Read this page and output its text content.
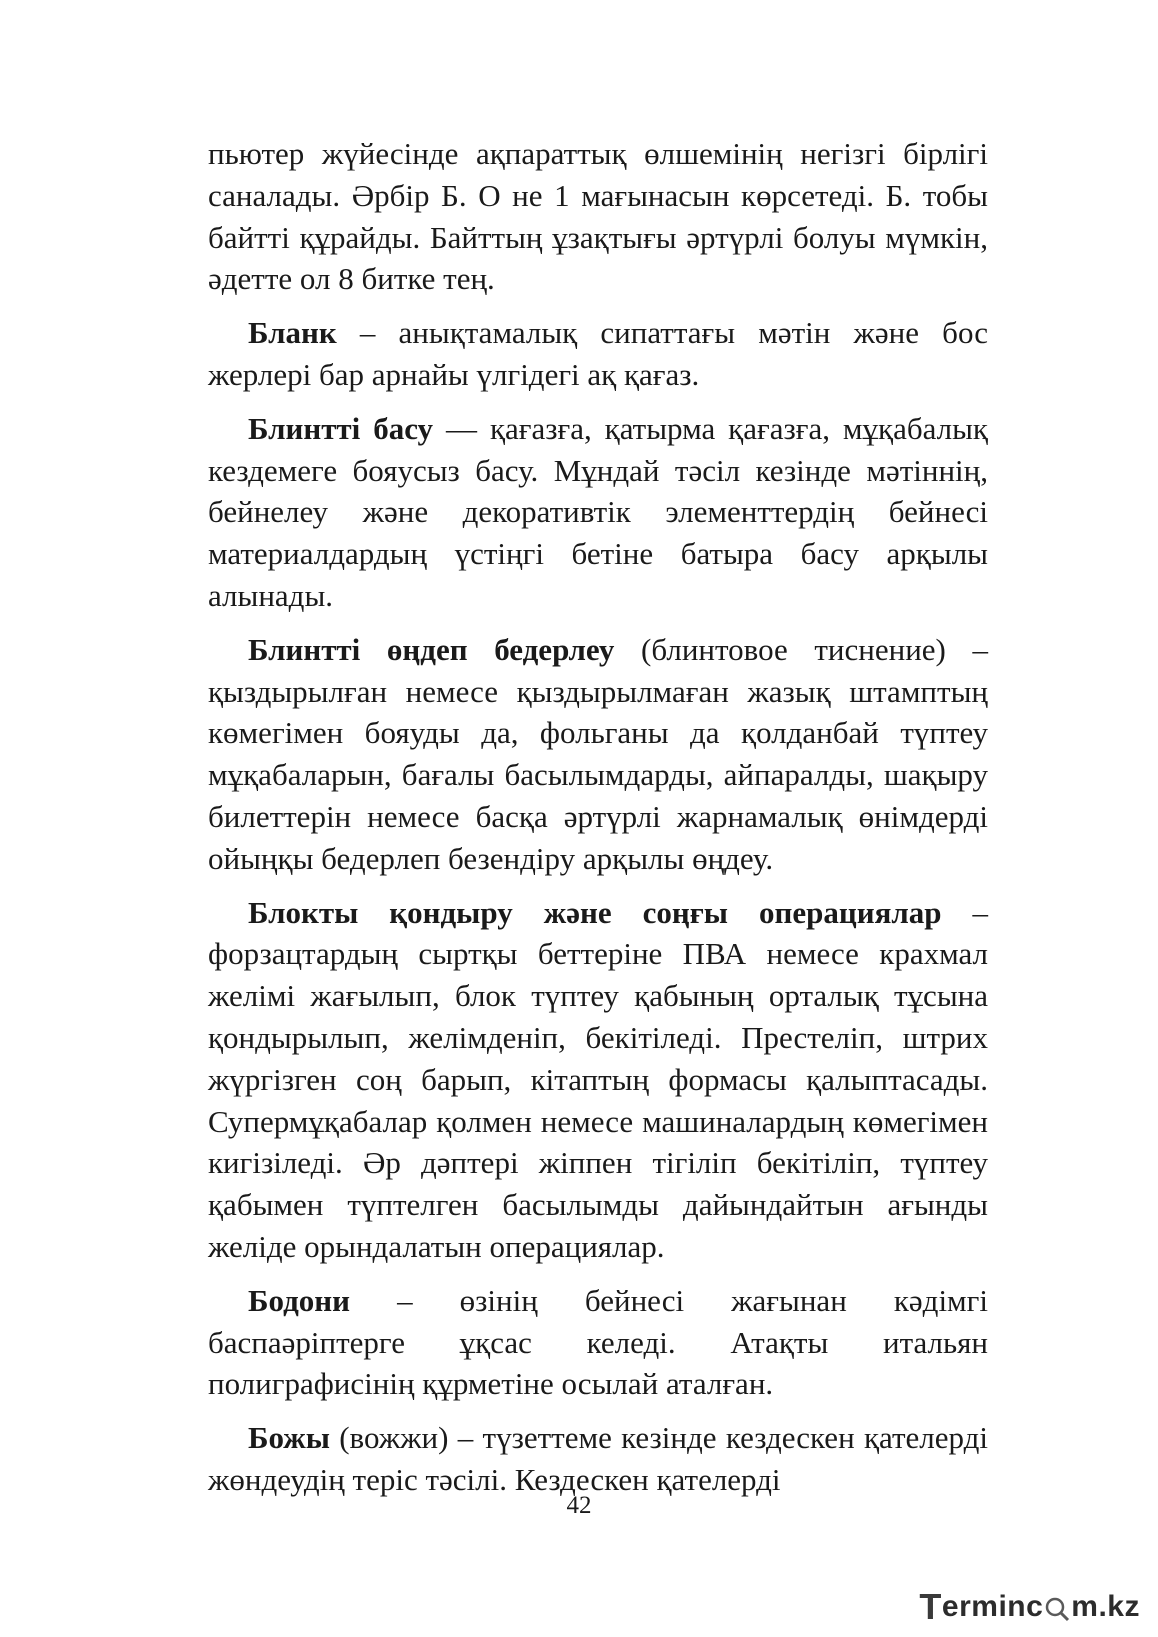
пьютер жүйесінде ақпараттық өлшемінің негізгі бірлігі саналады. Әрбір Б. О не 1 мағынасын көрсетеді. Б. тобы байтті құрайды. Байттың ұзақтығы әртүрлі болуы мүмкін, әдетте ол 8 битке тең.

Бланк – анықтамалық сипаттағы мәтін және бос жерлері бар арнайы үлгідегі ақ қағаз.

Блинтті басу — қағазға, қатырма қағазға, мұқабалық кездемеге бояусыз басу. Мұндай тәсіл кезінде мәтіннің, бейнелеу және декоративтік элементтердің бейнесі материалдардың үстіңгі бетіне батыра басу арқылы алынады.

Блинтті өңдеп бедерлеу (блинтовое тиснение) – қыздырылған немесе қыздырылмаған жазық штамптың көмегімен бояуды да, фольганы да қолданбай түптеу мұқабаларын, бағалы басылымдарды, айпаралды, шақыру билеттерін немесе басқа әртүрлі жарнамалық өнімдерді ойыңқы бедерлеп безендіру арқылы өңдеу.

Блокты қондыру және соңғы операциялар – форзацтардың сыртқы беттеріне ПВА немесе крахмал желімі жағылып, блок түптеу қабының орталық тұсына қондырылып, желімденіп, бекітіледі. Престеліп, штрих жүргізген соң барып, кітаптың формасы қалыптасады. Супермұқабалар қолмен немесе машиналардың көмегімен кигізіледі. Әр дәптері жіппен тігіліп бекітіліп, түптеу қабымен түптелген басылымды дайындайтын ағынды желіде орындалатын операциялар.

Бодони – өзінің бейнесі жағынан кәдімгі баспаәріптерге ұқсас келеді. Атақты итальян полиграфисінің құрметіне осылай аталған.

Божы (вожжи) – түзеттеме кезінде кездескен қателерді жөндеудің теріс тәсілі. Кездескен қателерді

42
T erminc m.kz
